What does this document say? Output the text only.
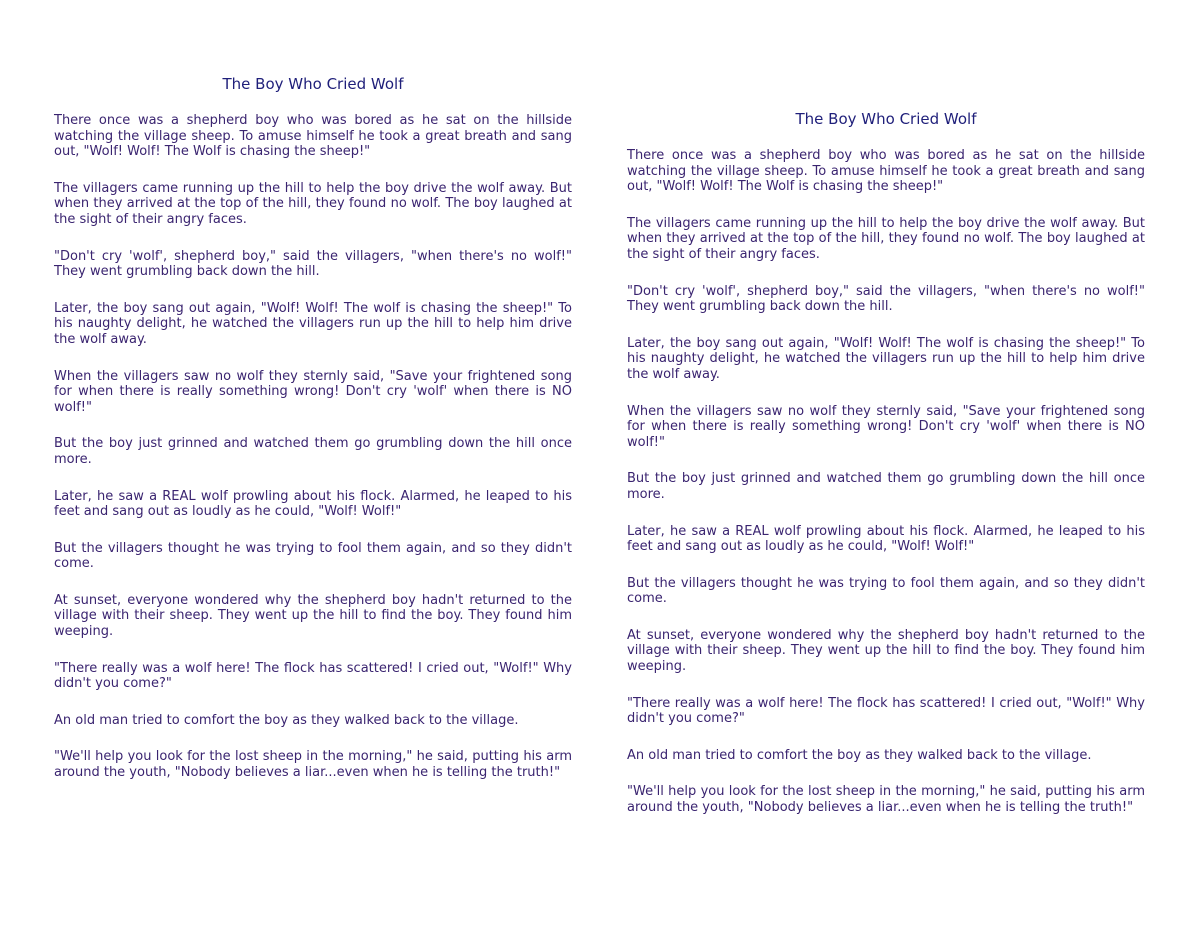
The Boy Who Cried Wolf

There once was a shepherd boy who was bored as he sat on the hillside watching the village sheep. To amuse himself he took a great breath and sang out, "Wolf! Wolf! The Wolf is chasing the sheep!"

The villagers came running up the hill to help the boy drive the wolf away. But when they arrived at the top of the hill, they found no wolf. The boy laughed at the sight of their angry faces.

"Don't cry 'wolf', shepherd boy," said the villagers, "when there's no wolf!" They went grumbling back down the hill.

Later, the boy sang out again, "Wolf! Wolf! The wolf is chasing the sheep!" To his naughty delight, he watched the villagers run up the hill to help him drive the wolf away.

When the villagers saw no wolf they sternly said, "Save your frightened song for when there is really something wrong! Don't cry 'wolf' when there is NO wolf!"

But the boy just grinned and watched them go grumbling down the hill once more.

Later, he saw a REAL wolf prowling about his flock. Alarmed, he leaped to his feet and sang out as loudly as he could, "Wolf! Wolf!"

But the villagers thought he was trying to fool them again, and so they didn't come.

At sunset, everyone wondered why the shepherd boy hadn't returned to the village with their sheep. They went up the hill to find the boy. They found him weeping.

"There really was a wolf here! The flock has scattered! I cried out, "Wolf!" Why didn't you come?"

An old man tried to comfort the boy as they walked back to the village.

"We'll help you look for the lost sheep in the morning," he said, putting his arm around the youth, "Nobody believes a liar...even when he is telling the truth!"

The Boy Who Cried Wolf

There once was a shepherd boy who was bored as he sat on the hillside watching the village sheep. To amuse himself he took a great breath and sang out, "Wolf! Wolf! The Wolf is chasing the sheep!"

The villagers came running up the hill to help the boy drive the wolf away. But when they arrived at the top of the hill, they found no wolf. The boy laughed at the sight of their angry faces.

"Don't cry 'wolf', shepherd boy," said the villagers, "when there's no wolf!" They went grumbling back down the hill.

Later, the boy sang out again, "Wolf! Wolf! The wolf is chasing the sheep!" To his naughty delight, he watched the villagers run up the hill to help him drive the wolf away.

When the villagers saw no wolf they sternly said, "Save your frightened song for when there is really something wrong! Don't cry 'wolf' when there is NO wolf!"

But the boy just grinned and watched them go grumbling down the hill once more.

Later, he saw a REAL wolf prowling about his flock. Alarmed, he leaped to his feet and sang out as loudly as he could, "Wolf! Wolf!"

But the villagers thought he was trying to fool them again, and so they didn't come.

At sunset, everyone wondered why the shepherd boy hadn't returned to the village with their sheep. They went up the hill to find the boy. They found him weeping.

"There really was a wolf here! The flock has scattered! I cried out, "Wolf!" Why didn't you come?"

An old man tried to comfort the boy as they walked back to the village.

"We'll help you look for the lost sheep in the morning," he said, putting his arm around the youth, "Nobody believes a liar...even when he is telling the truth!"
